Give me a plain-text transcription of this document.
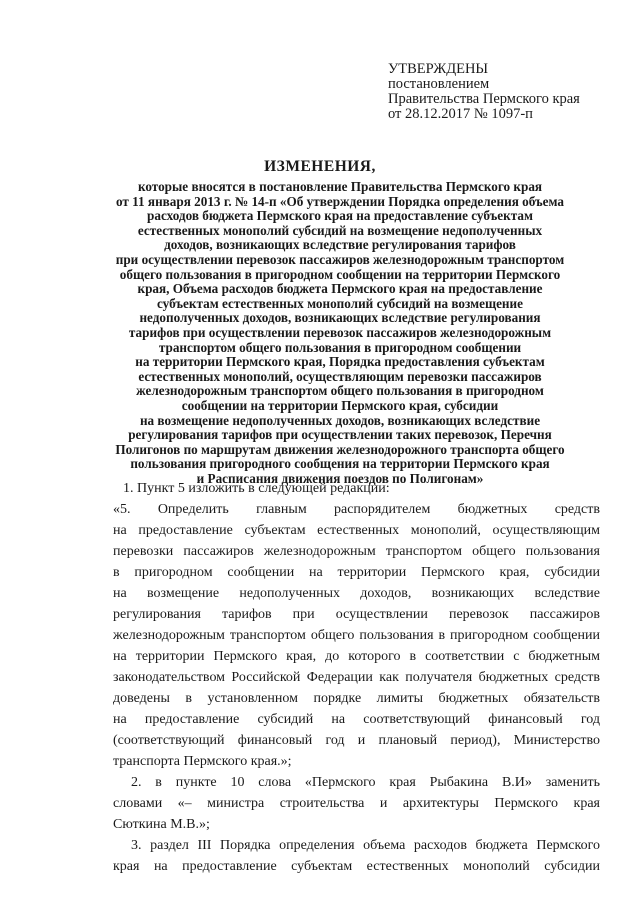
УТВЕРЖДЕНЫ
постановлением
Правительства Пермского края
от 28.12.2017 № 1097-п
ИЗМЕНЕНИЯ,
которые вносятся в постановление Правительства Пермского края
от 11 января 2013 г. № 14-п «Об утверждении Порядка определения объема
расходов бюджета Пермского края на предоставление субъектам
естественных монополий субсидий на возмещение недополученных
доходов, возникающих вследствие регулирования тарифов
при осуществлении перевозок пассажиров железнодорожным транспортом
общего пользования в пригородном сообщении на территории Пермского
края, Объема расходов бюджета Пермского края на предоставление
субъектам естественных монополий субсидий на возмещение
недополученных доходов, возникающих вследствие регулирования
тарифов при осуществлении перевозок пассажиров железнодорожным
транспортом общего пользования в пригородном сообщении
на территории Пермского края, Порядка предоставления субъектам
естественных монополий, осуществляющим перевозки пассажиров
железнодорожным транспортом общего пользования в пригородном
сообщении на территории Пермского края, субсидии
на возмещение недополученных доходов, возникающих вследствие
регулирования тарифов при осуществлении таких перевозок, Перечня
Полигонов по маршрутам движения железнодорожного транспорта общего
пользования пригородного сообщения на территории Пермского края
и Расписания движения поездов по Полигонам»
1. Пункт 5 изложить в следующей редакции:
«5. Определить главным распорядителем бюджетных средств
на предоставление субъектам естественных монополий, осуществляющим
перевозки пассажиров железнодорожным транспортом общего пользования
в пригородном сообщении на территории Пермского края, субсидии
на возмещение недополученных доходов, возникающих вследствие
регулирования тарифов при осуществлении перевозок пассажиров
железнодорожным транспортом общего пользования в пригородном сообщении
на территории Пермского края, до которого в соответствии с бюджетным
законодательством Российской Федерации как получателя бюджетных средств
доведены в установленном порядке лимиты бюджетных обязательств
на предоставление субсидий на соответствующий финансовый год
(соответствующий финансовый год и плановый период), Министерство
транспорта Пермского края.»;
2. в пункте 10 слова «Пермского края Рыбакина В.И» заменить
словами «– министра строительства и архитектуры Пермского края
Сюткина М.В.»;
3. раздел III Порядка определения объема расходов бюджета Пермского
края на предоставление субъектам естественных монополий субсидии
